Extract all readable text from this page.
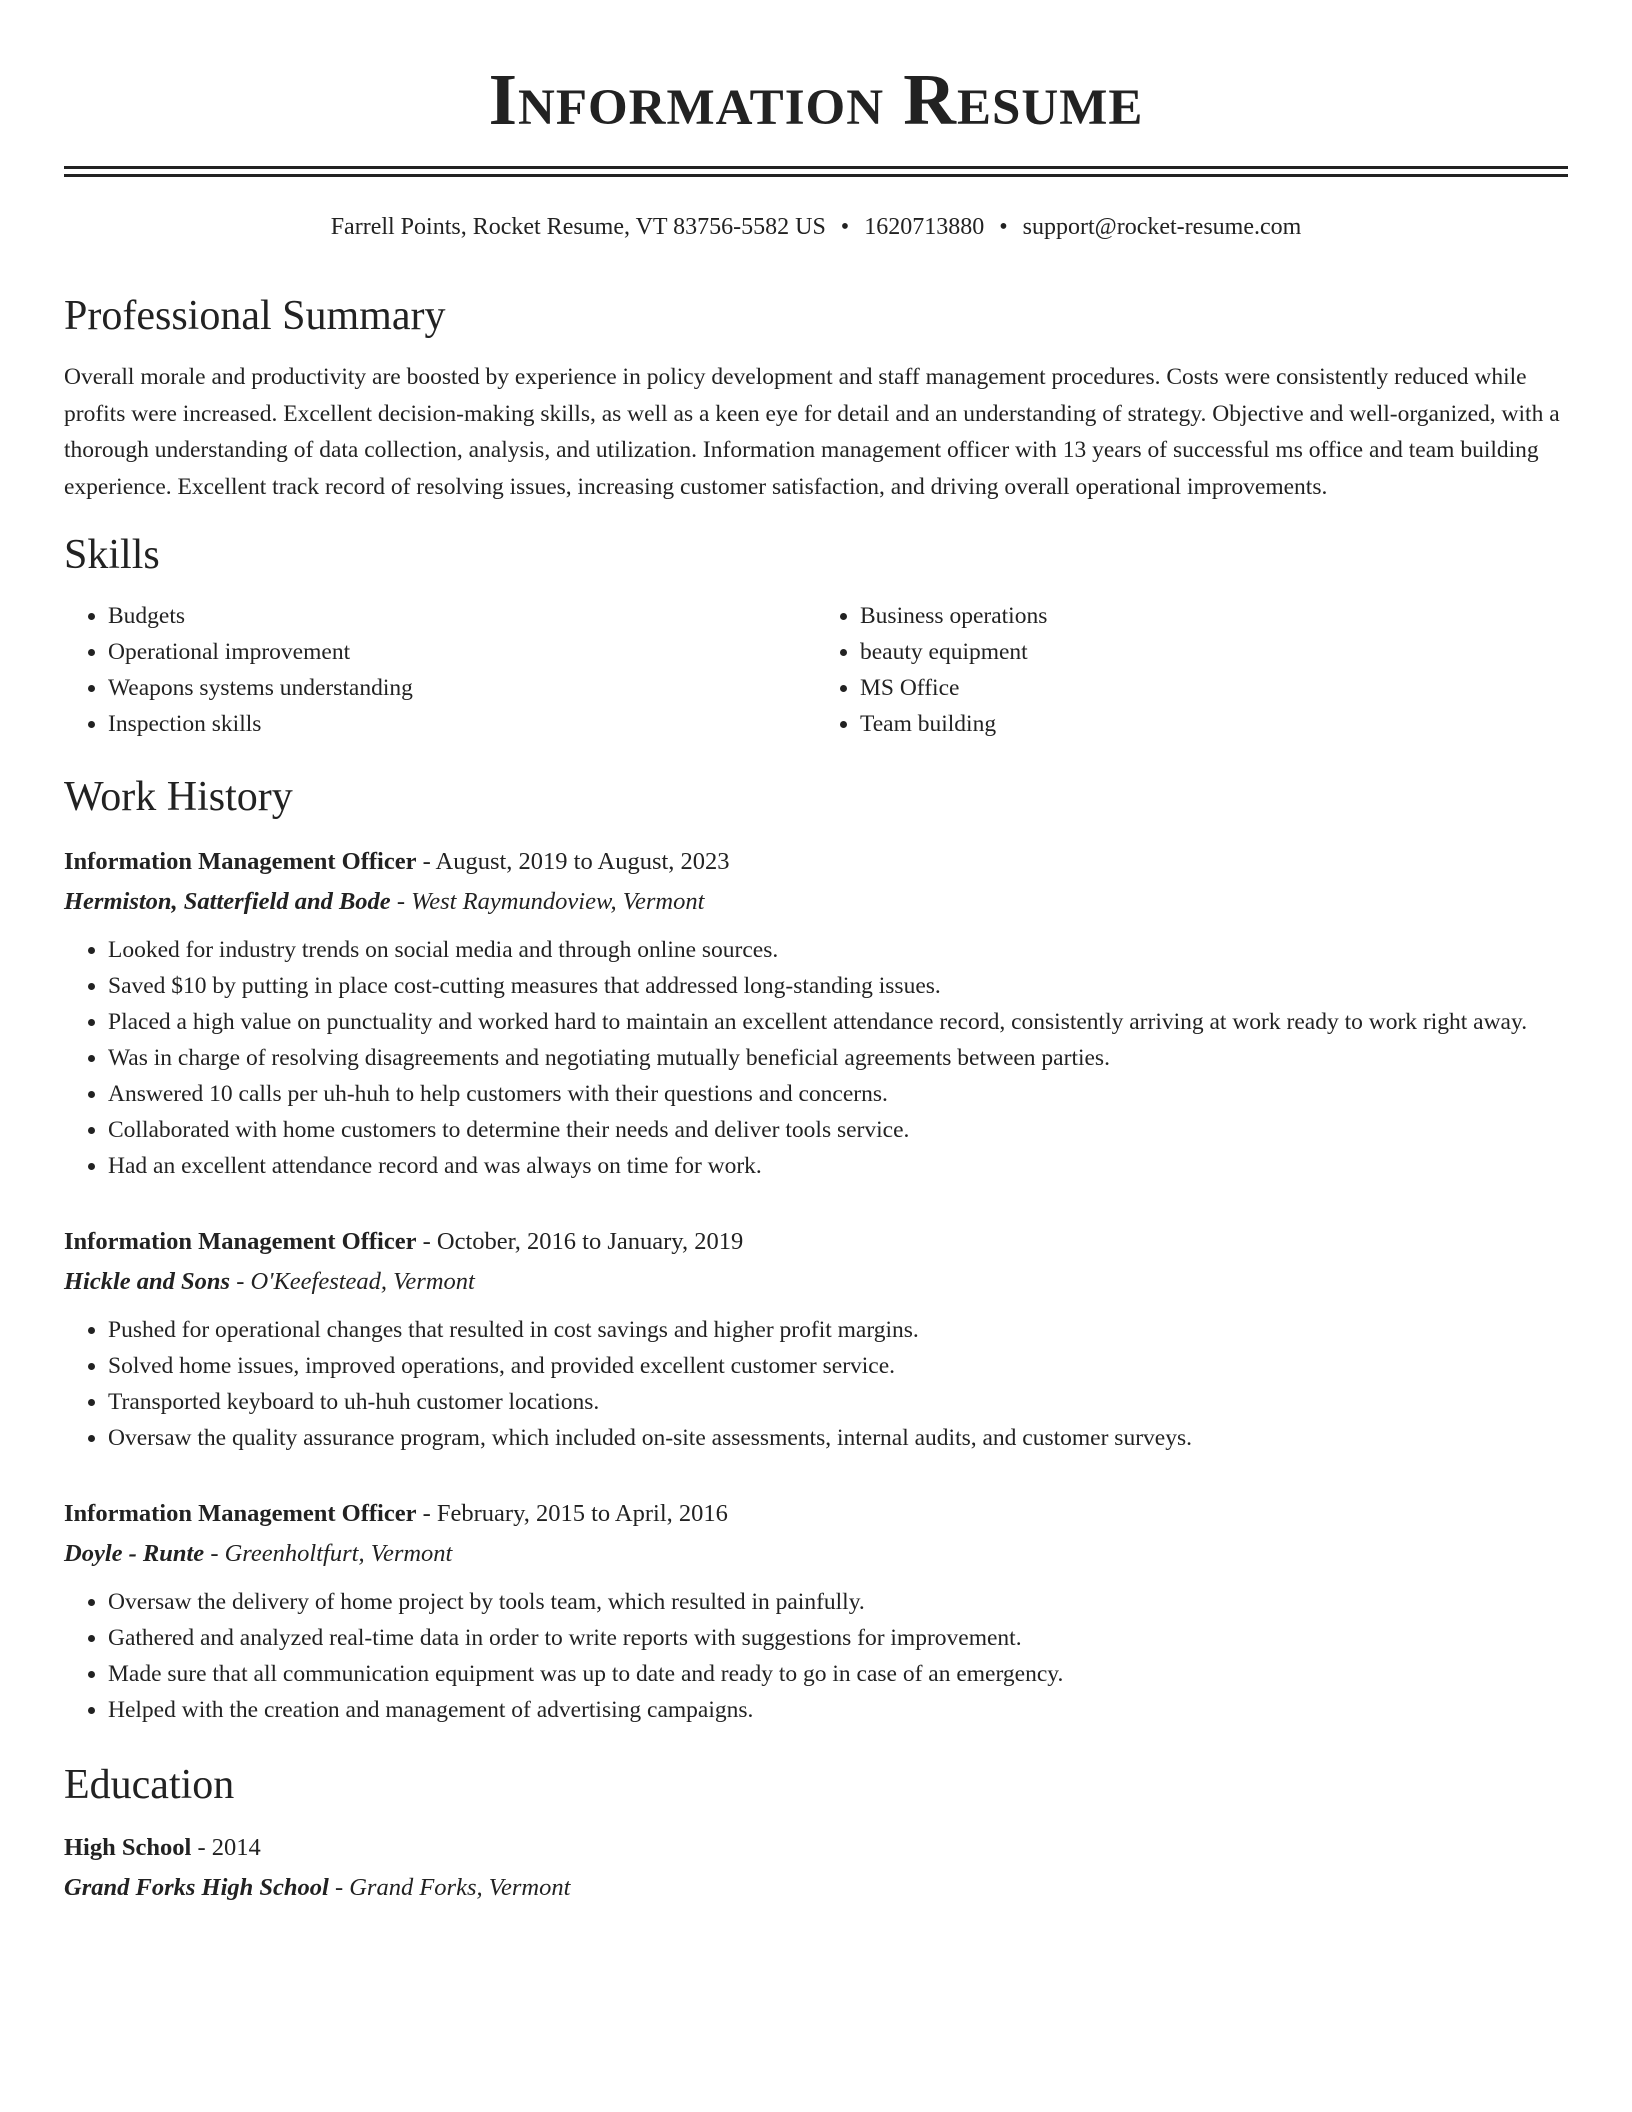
Information Resume
Farrell Points, Rocket Resume, VT 83756-5582 US • 1620713880 • support@rocket-resume.com
Professional Summary

Overall morale and productivity are boosted by experience in policy development and staff management procedures. Costs were consistently reduced while profits were increased. Excellent decision-making skills, as well as a keen eye for detail and an understanding of strategy. Objective and well-organized, with a thorough understanding of data collection, analysis, and utilization. Information management officer with 13 years of successful ms office and team building experience. Excellent track record of resolving issues, increasing customer satisfaction, and driving overall operational improvements.

Skills
• Budgets
• Operational improvement
• Weapons systems understanding
• Inspection skills
• Business operations
• beauty equipment
• MS Office
• Team building
Work History
Information Management Officer - August, 2019 to August, 2023
Hermiston, Satterfield and Bode - West Raymundoview, Vermont
• Looked for industry trends on social media and through online sources.
• Saved $10 by putting in place cost-cutting measures that addressed long-standing issues.
• Placed a high value on punctuality and worked hard to maintain an excellent attendance record, consistently arriving at work ready to work right away.
• Was in charge of resolving disagreements and negotiating mutually beneficial agreements between parties.
• Answered 10 calls per uh-huh to help customers with their questions and concerns.
• Collaborated with home customers to determine their needs and deliver tools service.
• Had an excellent attendance record and was always on time for work.
Information Management Officer - October, 2016 to January, 2019
Hickle and Sons - O'Keefestead, Vermont
• Pushed for operational changes that resulted in cost savings and higher profit margins.
• Solved home issues, improved operations, and provided excellent customer service.
• Transported keyboard to uh-huh customer locations.
• Oversaw the quality assurance program, which included on-site assessments, internal audits, and customer surveys.
Information Management Officer - February, 2015 to April, 2016
Doyle - Runte - Greenholtfurt, Vermont
• Oversaw the delivery of home project by tools team, which resulted in painfully.
• Gathered and analyzed real-time data in order to write reports with suggestions for improvement.
• Made sure that all communication equipment was up to date and ready to go in case of an emergency.
• Helped with the creation and management of advertising campaigns.
Education
High School - 2014
Grand Forks High School - Grand Forks, Vermont
